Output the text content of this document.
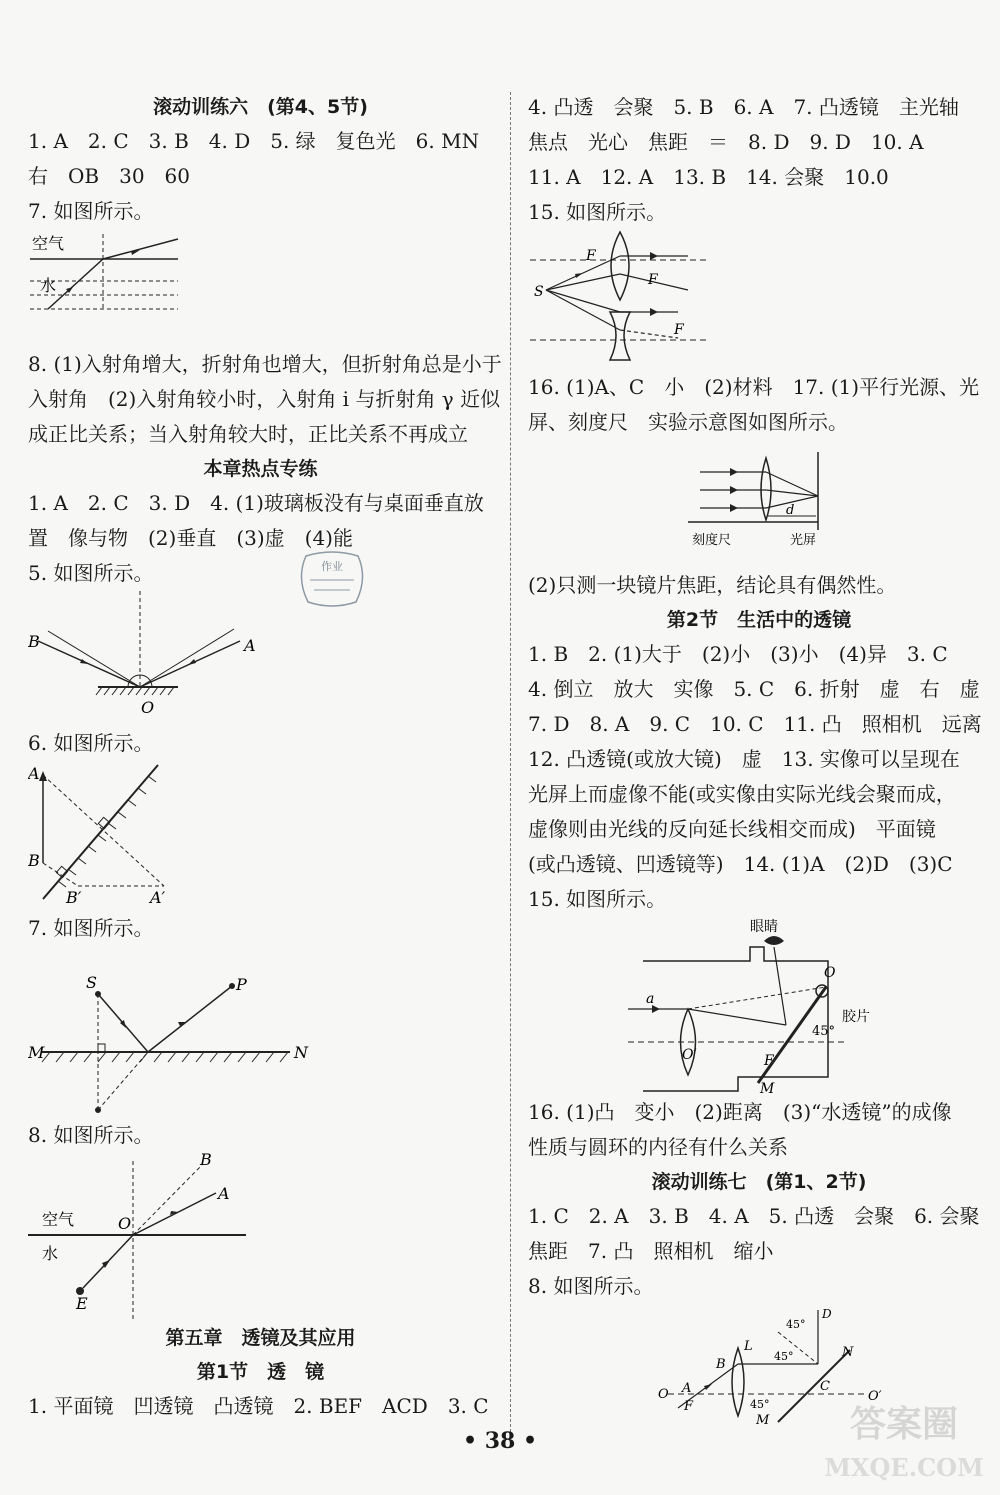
滚动训练六　(第4、5节)
1. A　2. C　3. B　4. D　5. 绿　复色光　6. MN
右　OB　30　60
7. 如图所示。
空气
水
8. (1)入射角增大，折射角也增大，但折射角总是小于
入射角　(2)入射角较小时，入射角 i 与折射角 γ 近似
成正比关系；当入射角较大时，正比关系不再成立
本章热点专练
1. A　2. C　3. D　4. (1)玻璃板没有与桌面垂直放
置　像与物　(2)垂直　(3)虚　(4)能
5. 如图所示。
B	A
O
6. 如图所示。
A
B
B′	A′
7. 如图所示。
S	P
M	N
8. 如图所示。
B
A
空气	O
水
E
第五章　透镜及其应用
第1节　透　镜
1. 平面镜　凹透镜　凸透镜　2. BEF　ACD　3. C
4. 凸透　会聚　5. B　6. A　7. 凸透镜　主光轴
焦点　光心　焦距　＝　8. D　9. D　10. A
11. A　12. A　13. B　14. 会聚　10.0
15. 如图所示。
F
F
S
F
16. (1)A、C　小　(2)材料　17. (1)平行光源、光
屏、刻度尺　实验示意图如图所示。
d
刻度尺	光屏
(2)只测一块镜片焦距，结论具有偶然性。
第2节　生活中的透镜
1. B　2. (1)大于　(2)小　(3)小　(4)异　3. C
4. 倒立　放大　实像　5. C　6. 折射　虚　右　虚
7. D　8. A　9. C　10. C　11. 凸　照相机　远离
12. 凸透镜(或放大镜)　虚　13. 实像可以呈现在
光屏上而虚像不能(或实像由实际光线会聚而成，
虚像则由光线的反向延长线相交而成)　平面镜
(或凸透镜、凹透镜等)　14. (1)A　(2)D　(3)C
15. 如图所示。
眼睛
a
O
O′	F
45°
胶片
M
16. (1)凸　变小　(2)距离　(3)“水透镜”的成像
性质与圆环的内径有什么关系
滚动训练七　(第1、2节)
1. C　2. A　3. B　4. A　5. 凸透　会聚　6. 会聚
焦距　7. 凸　照相机　缩小
8. 如图所示。
45°
D
B
L
45°	N
O A
F
C
45°
O′
M
作业
• 38 •	答案圈
MXQE.COM
